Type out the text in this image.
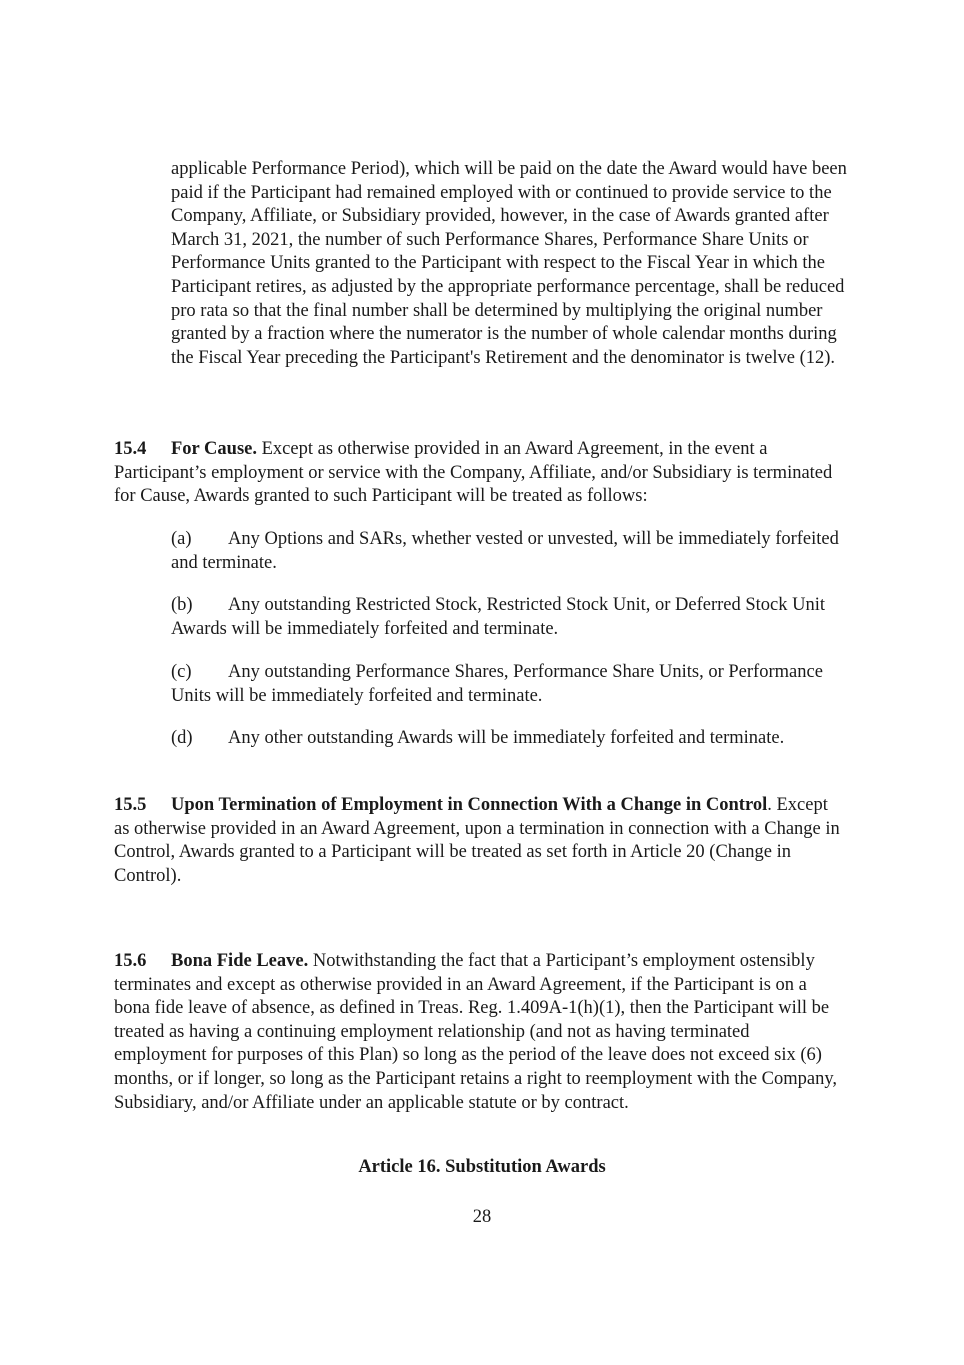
applicable Performance Period), which will be paid on the date the Award would have been paid if the Participant had remained employed with or continued to provide service to the Company, Affiliate, or Subsidiary provided, however, in the case of Awards granted after March 31, 2021, the number of such Performance Shares, Performance Share Units or Performance Units granted to the Participant with respect to the Fiscal Year in which the Participant retires, as adjusted by the appropriate performance percentage, shall be reduced pro rata so that the final number shall be determined by multiplying the original number granted by a fraction where the numerator is the number of whole calendar months during the Fiscal Year preceding the Participant's Retirement and the denominator is twelve (12).

15.4 For Cause. Except as otherwise provided in an Award Agreement, in the event a Participant’s employment or service with the Company, Affiliate, and/or Subsidiary is terminated for Cause, Awards granted to such Participant will be treated as follows:

(a) Any Options and SARs, whether vested or unvested, will be immediately forfeited and terminate.

(b) Any outstanding Restricted Stock, Restricted Stock Unit, or Deferred Stock Unit Awards will be immediately forfeited and terminate.

(c) Any outstanding Performance Shares, Performance Share Units, or Performance Units will be immediately forfeited and terminate.

(d) Any other outstanding Awards will be immediately forfeited and terminate.

15.5 Upon Termination of Employment in Connection With a Change in Control. Except as otherwise provided in an Award Agreement, upon a termination in connection with a Change in Control, Awards granted to a Participant will be treated as set forth in Article 20 (Change in Control).

15.6 Bona Fide Leave. Notwithstanding the fact that a Participant’s employment ostensibly terminates and except as otherwise provided in an Award Agreement, if the Participant is on a bona fide leave of absence, as defined in Treas. Reg. 1.409A-1(h)(1), then the Participant will be treated as having a continuing employment relationship (and not as having terminated employment for purposes of this Plan) so long as the period of the leave does not exceed six (6) months, or if longer, so long as the Participant retains a right to reemployment with the Company, Subsidiary, and/or Affiliate under an applicable statute or by contract.

Article 16. Substitution Awards

28
